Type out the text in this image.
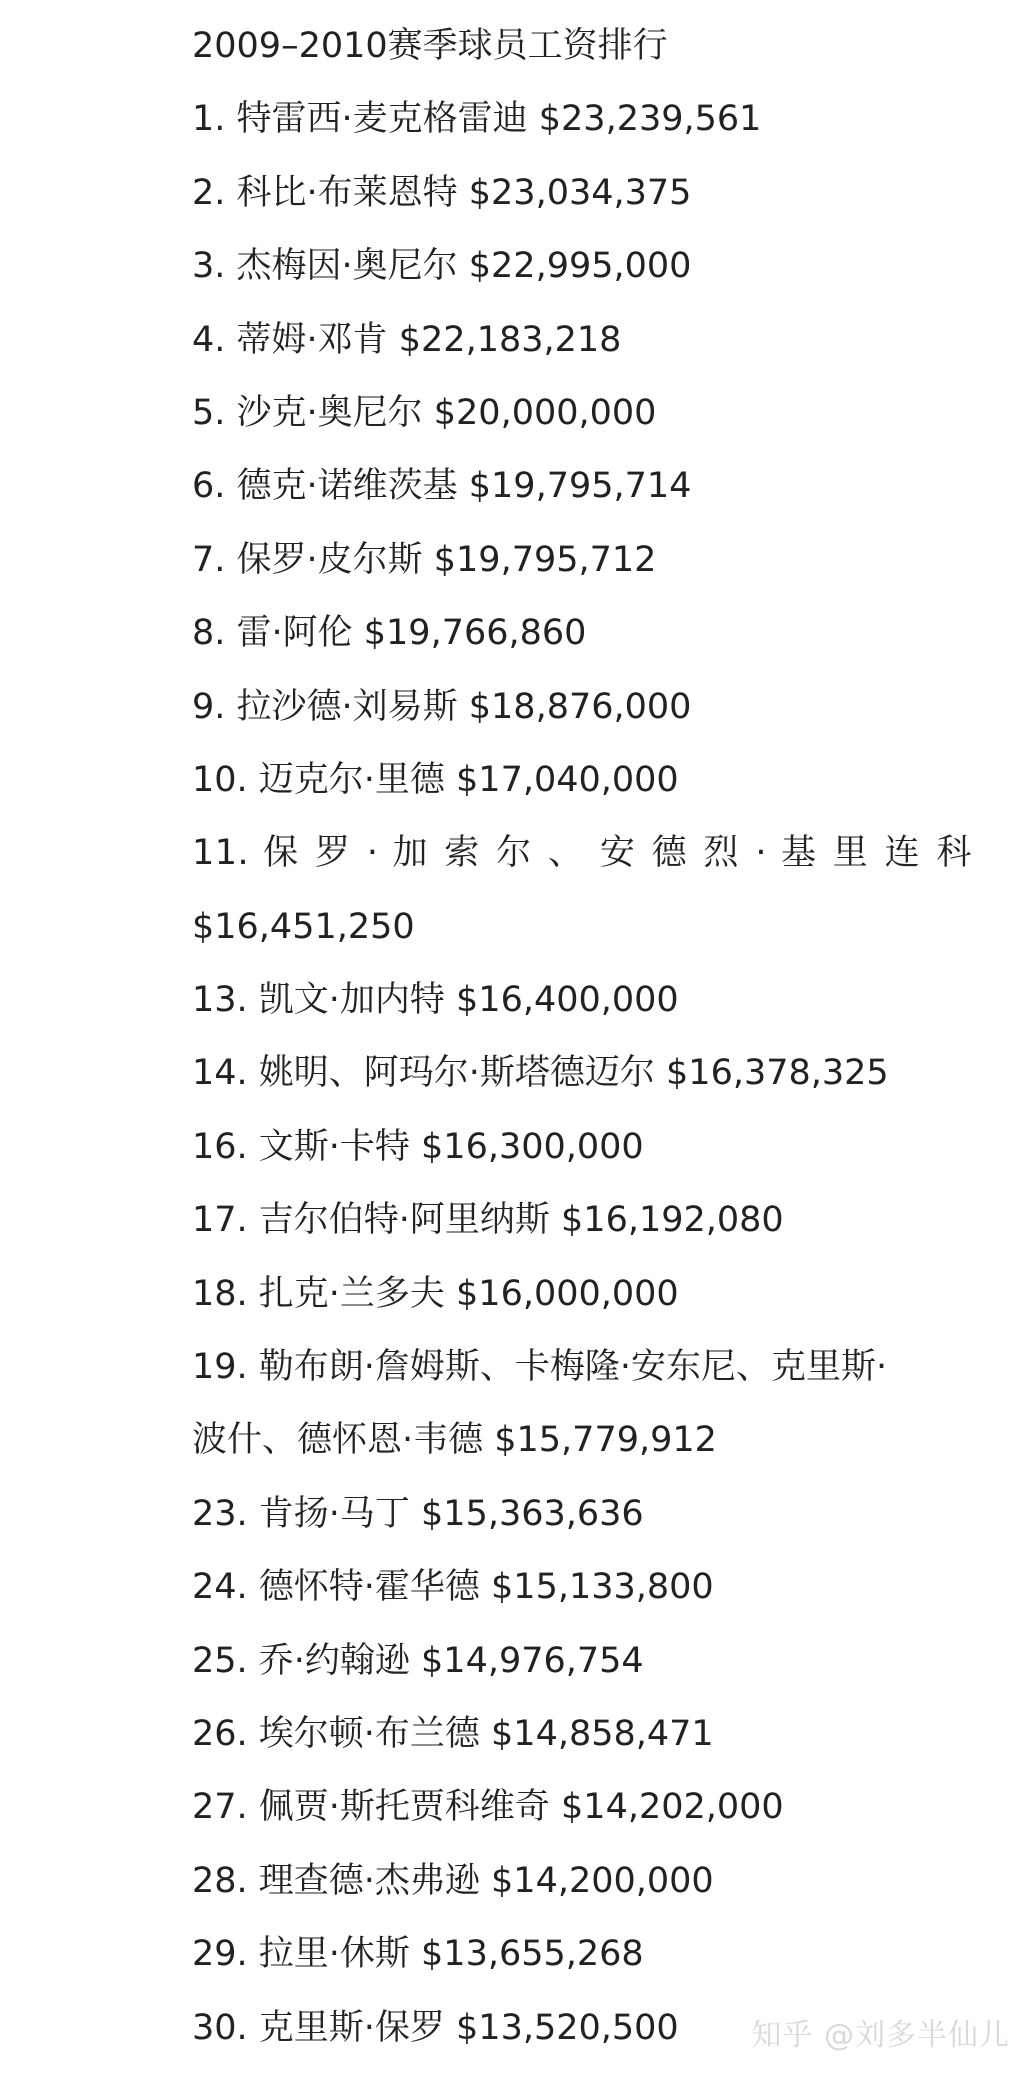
2009–2010赛季球员工资排行
1. 特雷西·麦克格雷迪 $23,239,561
2. 科比·布莱恩特 $23,034,375
3. 杰梅因·奥尼尔 $22,995,000
4. 蒂姆·邓肯 $22,183,218
5. 沙克·奥尼尔 $20,000,000
6. 德克·诺维茨基 $19,795,714
7. 保罗·皮尔斯 $19,795,712
8. 雷·阿伦 $19,766,860
9. 拉沙德·刘易斯 $18,876,000
10. 迈克尔·里德 $17,040,000
11. 保 罗 · 加 索 尔 、 安 德 烈 · 基 里 连 科
$16,451,250
13. 凯文·加内特 $16,400,000
14. 姚明、阿玛尔·斯塔德迈尔 $16,378,325
16. 文斯·卡特 $16,300,000
17. 吉尔伯特·阿里纳斯 $16,192,080
18. 扎克·兰多夫 $16,000,000
19. 勒布朗·詹姆斯、卡梅隆·安东尼、克里斯·
波什、德怀恩·韦德 $15,779,912
23. 肯扬·马丁 $15,363,636
24. 德怀特·霍华德 $15,133,800
25. 乔·约翰逊 $14,976,754
26. 埃尔顿·布兰德 $14,858,471
27. 佩贾·斯托贾科维奇 $14,202,000
28. 理查德·杰弗逊 $14,200,000
29. 拉里·休斯 $13,655,268
30. 克里斯·保罗 $13,520,500	知乎 @刘多半仙儿
